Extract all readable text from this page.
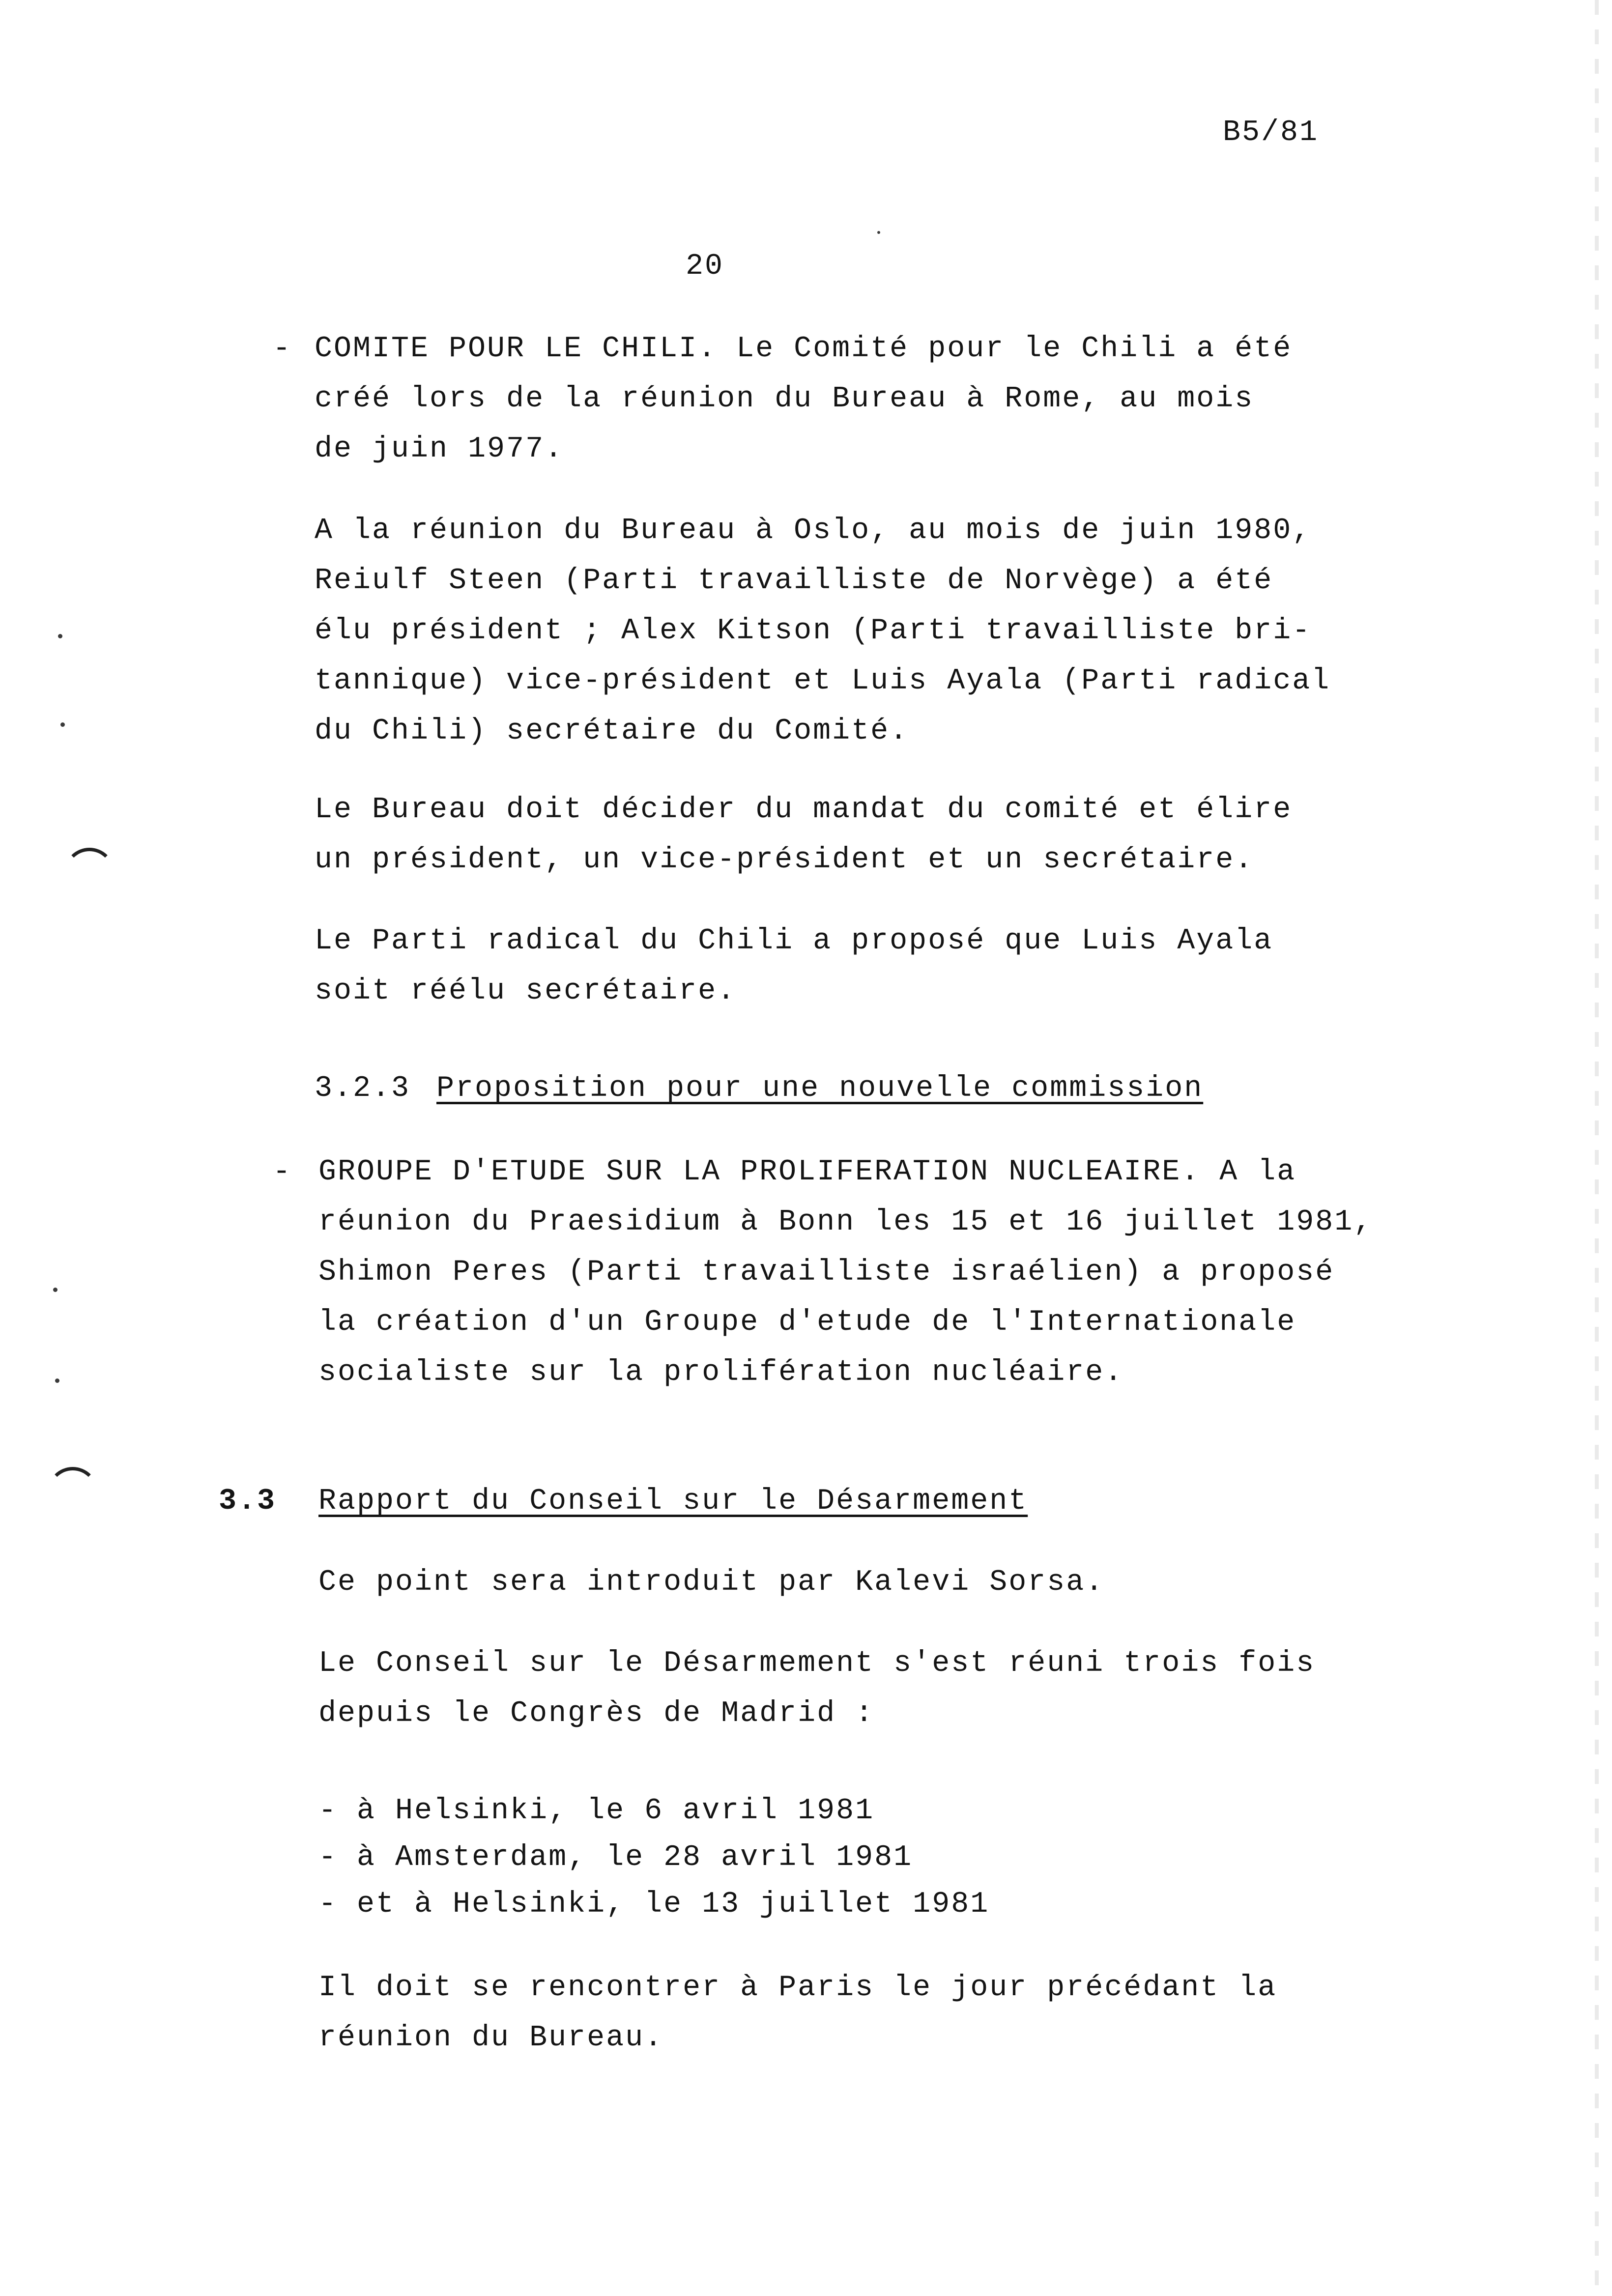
B5/81
20
- COMITE POUR LE CHILI. Le Comité pour le Chili a été
créé lors de la réunion du Bureau à Rome, au mois
de juin 1977.
A la réunion du Bureau à Oslo, au mois de juin 1980,
Reiulf Steen (Parti travailliste de Norvège) a été
élu président ; Alex Kitson (Parti travailliste bri-
tannique) vice-président et Luis Ayala (Parti radical
du Chili) secrétaire du Comité.
Le Bureau doit décider du mandat du comité et élire
un président, un vice-président et un secrétaire.
Le Parti radical du Chili a proposé que Luis Ayala
soit réélu secrétaire.
3.2.3 Proposition pour une nouvelle commission
- GROUPE D'ETUDE SUR LA PROLIFERATION NUCLEAIRE. A la
réunion du Praesidium à Bonn les 15 et 16 juillet 1981,
Shimon Peres (Parti travailliste israélien) a proposé
la création d'un Groupe d'etude de l'Internationale
socialiste sur la prolifération nucléaire.
3.3 Rapport du Conseil sur le Désarmement
Ce point sera introduit par Kalevi Sorsa.
Le Conseil sur le Désarmement s'est réuni trois fois
depuis le Congrès de Madrid :
- à Helsinki, le 6 avril 1981
- à Amsterdam, le 28 avril 1981
- et à Helsinki, le 13 juillet 1981
Il doit se rencontrer à Paris le jour précédant la
réunion du Bureau.
